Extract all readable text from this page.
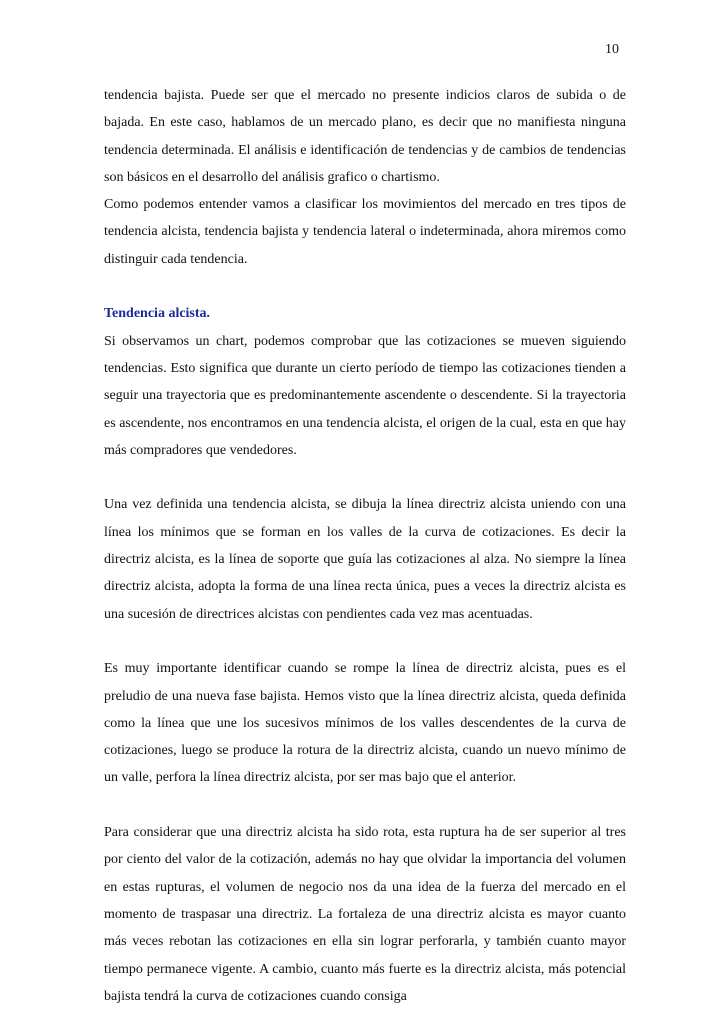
10

tendencia bajista. Puede ser que el mercado no presente indicios claros de subida o de bajada. En este caso, hablamos de un mercado plano, es decir que no manifiesta ninguna tendencia determinada. El análisis e identificación de tendencias y de cambios de tendencias son básicos en el desarrollo del análisis grafico o chartismo.

Como podemos entender vamos a clasificar los movimientos del mercado en tres tipos de tendencia alcista, tendencia bajista y tendencia lateral o indeterminada, ahora miremos como distinguir cada tendencia.

Tendencia alcista.

Si observamos un chart, podemos comprobar que las cotizaciones se mueven siguiendo tendencias. Esto significa que durante un cierto período de tiempo las cotizaciones tienden a seguir una trayectoria que es predominantemente ascendente o descendente. Si la trayectoria es ascendente, nos encontramos en una tendencia alcista, el origen de la cual, esta en que hay más compradores que vendedores.

Una vez definida una tendencia alcista, se dibuja la línea directriz alcista uniendo con una línea los mínimos que se forman en los valles de la curva de cotizaciones. Es decir la directriz alcista, es la línea de soporte que guía las cotizaciones al alza. No siempre la línea directriz alcista, adopta la forma de una línea recta única, pues a veces la directriz alcista es una sucesión de directrices alcistas con pendientes cada vez mas acentuadas.

Es muy importante identificar cuando se rompe la línea de directriz alcista, pues es el preludio de una nueva fase bajista. Hemos visto que la línea directriz alcista, queda definida como la línea que une los sucesivos mínimos de los valles descendentes de la curva de cotizaciones, luego se produce la rotura de la directriz alcista, cuando un nuevo mínimo de un valle, perfora la línea directriz alcista, por ser mas bajo que el anterior.

Para considerar que una directriz alcista ha sido rota, esta ruptura ha de ser superior al tres por ciento del valor de la cotización, además no hay que olvidar la importancia del volumen en estas rupturas, el volumen de negocio nos da una idea de la fuerza del mercado en el momento de traspasar una directriz. La fortaleza de una directriz alcista es mayor cuanto más veces rebotan las cotizaciones en ella sin lograr perforarla, y también cuanto mayor tiempo permanece vigente. A cambio, cuanto más fuerte es la directriz alcista, más potencial bajista tendrá la curva de cotizaciones cuando consiga
